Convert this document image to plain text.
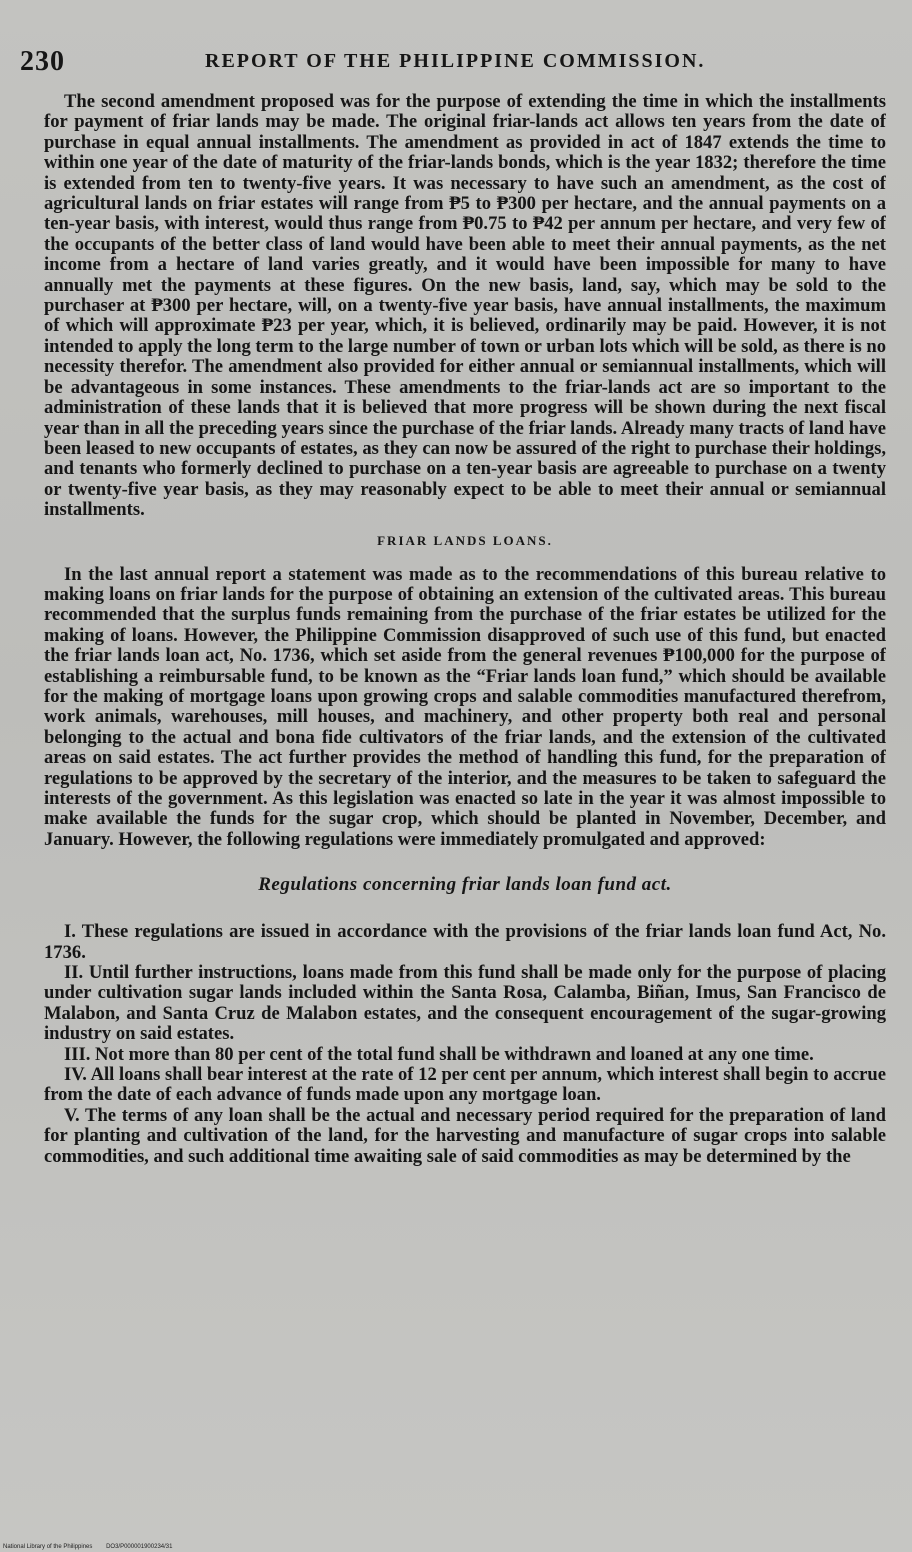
230	REPORT OF THE PHILIPPINE COMMISSION.

The second amendment proposed was for the purpose of extending the time in which the installments for payment of friar lands may be made. The original friar-lands act allows ten years from the date of purchase in equal annual installments. The amendment as provided in act of 1847 extends the time to within one year of the date of maturity of the friar-lands bonds, which is the year 1832; therefore the time is extended from ten to twenty-five years. It was necessary to have such an amendment, as the cost of agricultural lands on friar estates will range from ₱5 to ₱300 per hectare, and the annual payments on a ten-year basis, with interest, would thus range from ₱0.75 to ₱42 per annum per hectare, and very few of the occupants of the better class of land would have been able to meet their annual payments, as the net income from a hectare of land varies greatly, and it would have been impossible for many to have annually met the payments at these figures. On the new basis, land, say, which may be sold to the purchaser at ₱300 per hectare, will, on a twenty-five year basis, have annual installments, the maximum of which will approximate ₱23 per year, which, it is believed, ordinarily may be paid. However, it is not intended to apply the long term to the large number of town or urban lots which will be sold, as there is no necessity therefor. The amendment also provided for either annual or semiannual installments, which will be advantageous in some instances. These amendments to the friar-lands act are so important to the administration of these lands that it is believed that more progress will be shown during the next fiscal year than in all the preceding years since the purchase of the friar lands. Already many tracts of land have been leased to new occupants of estates, as they can now be assured of the right to purchase their holdings, and tenants who formerly declined to purchase on a ten-year basis are agreeable to purchase on a twenty or twenty-five year basis, as they may reasonably expect to be able to meet their annual or semiannual installments.

FRIAR LANDS LOANS.

In the last annual report a statement was made as to the recommendations of this bureau relative to making loans on friar lands for the purpose of obtaining an extension of the cultivated areas. This bureau recommended that the surplus funds remaining from the purchase of the friar estates be utilized for the making of loans. However, the Philippine Commission disapproved of such use of this fund, but enacted the friar lands loan act, No. 1736, which set aside from the general revenues ₱100,000 for the purpose of establishing a reimbursable fund, to be known as the “Friar lands loan fund,” which should be available for the making of mortgage loans upon growing crops and salable commodities manufactured therefrom, work animals, warehouses, mill houses, and machinery, and other property both real and personal belonging to the actual and bona fide cultivators of the friar lands, and the extension of the cultivated areas on said estates. The act further provides the method of handling this fund, for the preparation of regulations to be approved by the secretary of the interior, and the measures to be taken to safeguard the interests of the government. As this legislation was enacted so late in the year it was almost impossible to make available the funds for the sugar crop, which should be planted in November, December, and January. However, the following regulations were immediately promulgated and approved:

Regulations concerning friar lands loan fund act.

I. These regulations are issued in accordance with the provisions of the friar lands loan fund Act, No. 1736.

II. Until further instructions, loans made from this fund shall be made only for the purpose of placing under cultivation sugar lands included within the Santa Rosa, Calamba, Biñan, Imus, San Francisco de Malabon, and Santa Cruz de Malabon estates, and the consequent encouragement of the sugar-growing industry on said estates.

III. Not more than 80 per cent of the total fund shall be withdrawn and loaned at any one time.

IV. All loans shall bear interest at the rate of 12 per cent per annum, which interest shall begin to accrue from the date of each advance of funds made upon any mortgage loan.

V. The terms of any loan shall be the actual and necessary period required for the preparation of land for planting and cultivation of the land, for the harvesting and manufacture of sugar crops into salable commodities, and such additional time awaiting sale of said commodities as may be determined by the

National Library of the Philippines DO3/P000001900234/31
